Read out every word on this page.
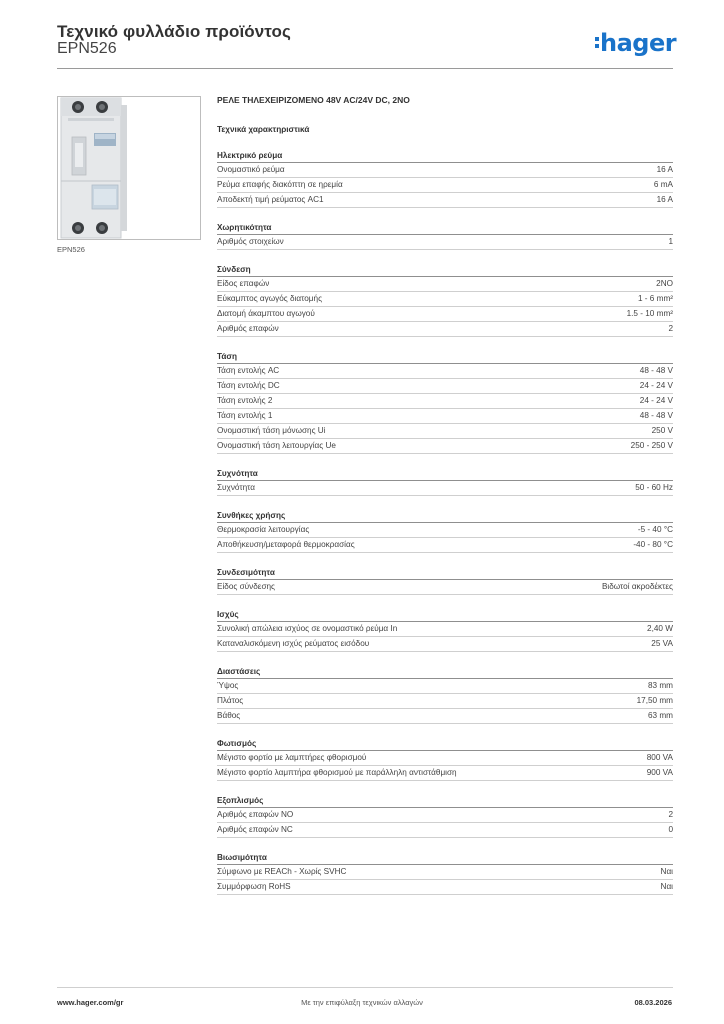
Τεχνικό φυλλάδιο προϊόντος
EPN526	hager
EPN526
ΡΕΛΕ ΤΗΛΕΧΕΙΡΙΖΟΜΕΝΟ 48V AC/24V DC, 2NO
Τεχνικά χαρακτηριστικά
Ηλεκτρικό ρεύμα
Ονομαστικό ρεύμα	16 A
Ρεύμα επαφής διακόπτη σε ηρεμία	6 mA
Αποδεκτή τιμή ρεύματος AC1	16 A
Χωρητικότητα
Αριθμός στοιχείων	1
Σύνδεση
Είδος επαφών	2NO
Εύκαμπτος αγωγός διατομής	1 - 6 mm²
Διατομή άκαμπτου αγωγού	1.5 - 10 mm²
Αριθμός επαφών	2
Τάση
Τάση εντολής AC	48 - 48 V
Τάση εντολής DC	24 - 24 V
Τάση εντολής 2	24 - 24 V
Τάση εντολής 1	48 - 48 V
Ονομαστική τάση μόνωσης Ui	250 V
Ονομαστική τάση λειτουργίας Ue	250 - 250 V
Συχνότητα
Συχνότητα	50 - 60 Hz
Συνθήκες χρήσης
Θερμοκρασία λειτουργίας	-5 - 40 °C
Αποθήκευση/μεταφορά θερμοκρασίας	-40 - 80 °C
Συνδεσιμότητα
Είδος σύνδεσης	Βιδωτοί ακροδέκτες
Ισχύς
Συνολική απώλεια ισχύος σε ονομαστικό ρεύμα In	2,40 W
Καταναλισκόμενη ισχύς ρεύματος εισόδου	25 VA
Διαστάσεις
Ύψος	83 mm
Πλάτος	17,50 mm
Βάθος	63 mm
Φωτισμός
Μέγιστο φορτίο με λαμπτήρες φθορισμού	800 VA
Μέγιστο φορτίο λαμπτήρα φθορισμού με παράλληλη αντιστάθμιση	900 VA
Εξοπλισμός
Αριθμός επαφών NO	2
Αριθμός επαφών NC	0
Βιωσιμότητα
Σύμφωνο με REACh - Χωρίς SVHC	Ναι
Συμμόρφωση RoHS	Ναι
www.hager.com/gr	Με την επιφύλαξη τεχνικών αλλαγών	08.03.2026
